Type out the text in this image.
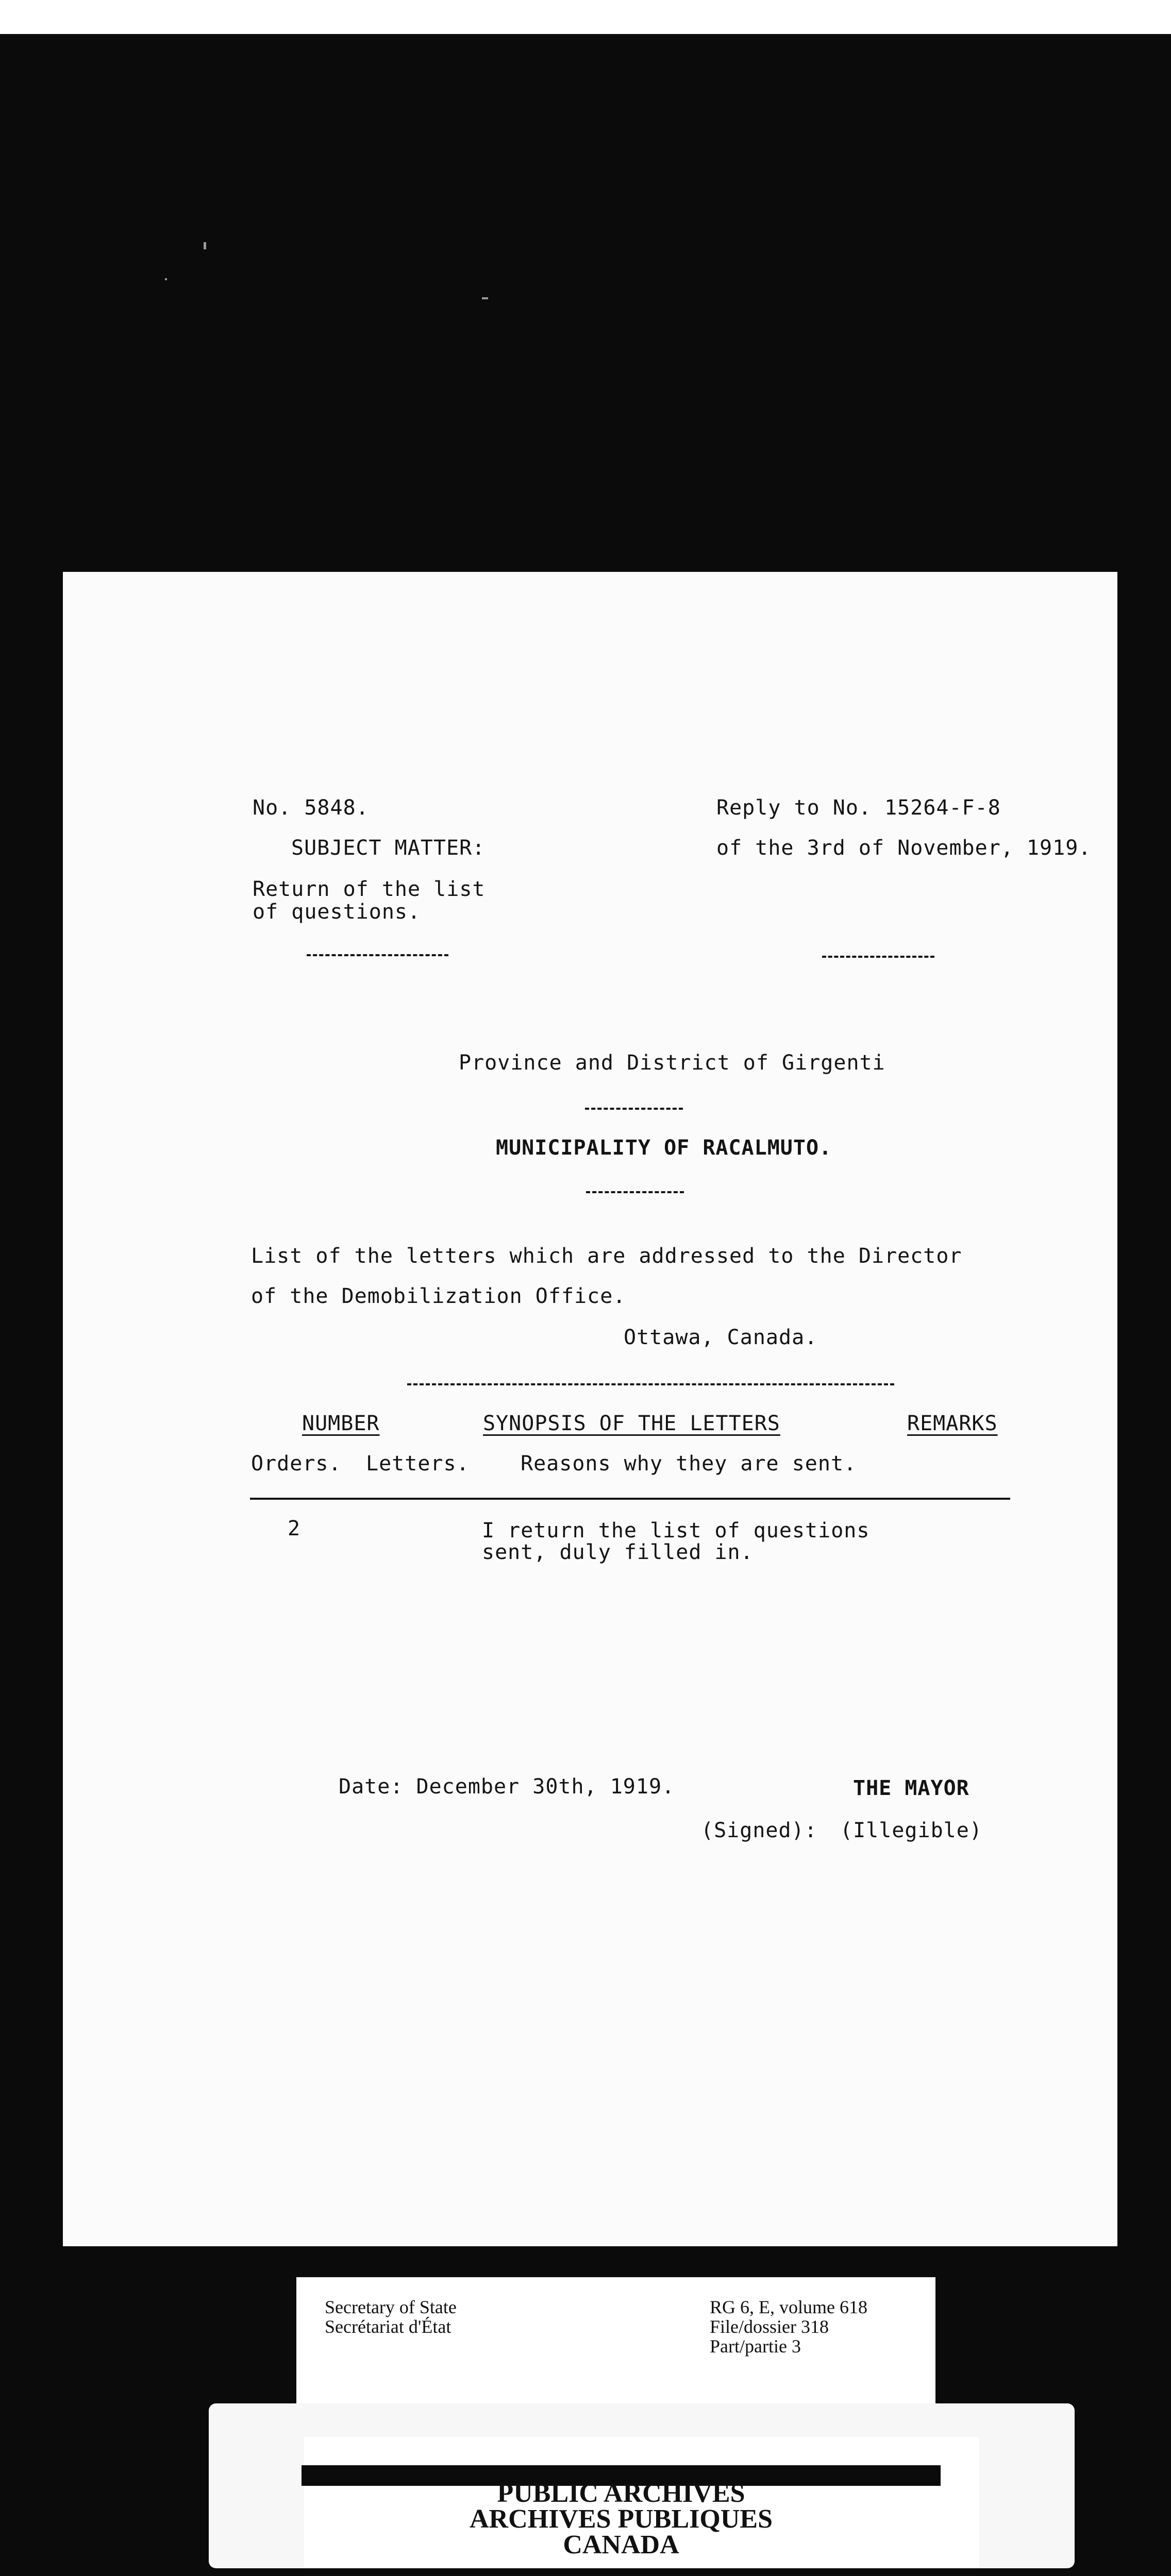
No. 5848.
SUBJECT MATTER:
Return of the list
of questions.
Reply to No. 15264-F-8
of the 3rd of November, 1919.
Province and District of Girgenti
MUNICIPALITY OF RACALMUTO.
List of the letters which are addressed to the Director
of the Demobilization Office.
Ottawa, Canada.
NUMBER	SYNOPSIS OF THE LETTERS	REMARKS
Orders. Letters. Reasons why they are sent.
2	I return the list of questions
sent, duly filled in.
Date: December 30th, 1919.	THE MAYOR
(Signed): (Illegible)
Secretary of State
Secrétariat d'État
RG 6, E, volume 618
File/dossier 318
Part/partie 3
PUBLIC ARCHIVES
ARCHIVES PUBLIQUES
CANADA
